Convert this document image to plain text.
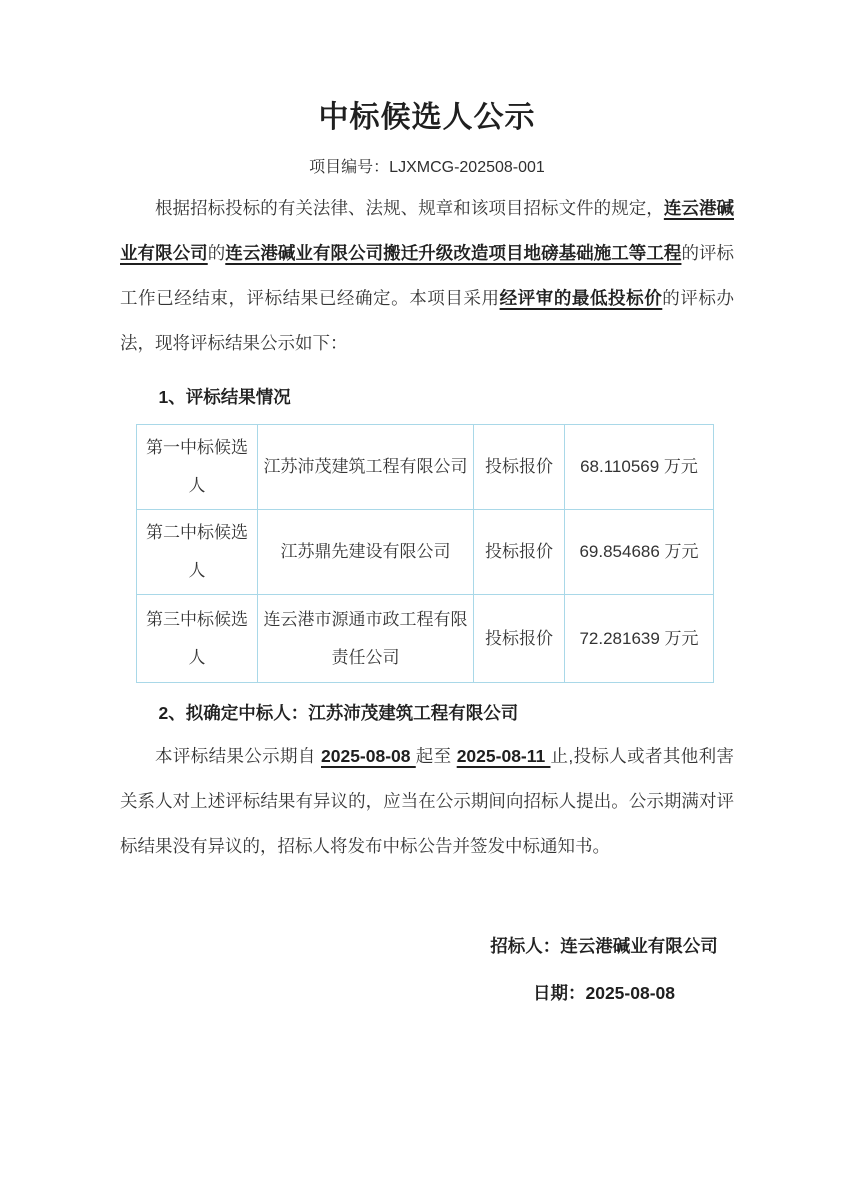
中标候选人公示
项目编号：LJXMCG-202508-001

根据招标投标的有关法律、法规、规章和该项目招标文件的规定，连云港碱业有限公司的连云港碱业有限公司搬迁升级改造项目地磅基础施工等工程的评标工作已经结束，评标结果已经确定。本项目采用经评审的最低投标价的评标办法，现将评标结果公示如下：

1、评标结果情况
第一中标候选人	江苏沛茂建筑工程有限公司	投标报价	68.110569 万元
第二中标候选人	江苏鼎先建设有限公司	投标报价	69.854686 万元
第三中标候选人	连云港市源通市政工程有限责任公司	投标报价	72.281639 万元
2、拟确定中标人：江苏沛茂建筑工程有限公司

本评标结果公示期自 2025-08-08 起至 2025-08-11 止,投标人或者其他利害关系人对上述评标结果有异议的，应当在公示期间向招标人提出。公示期满对评标结果没有异议的，招标人将发布中标公告并签发中标通知书。

招标人：连云港碱业有限公司
日期：2025-08-08
